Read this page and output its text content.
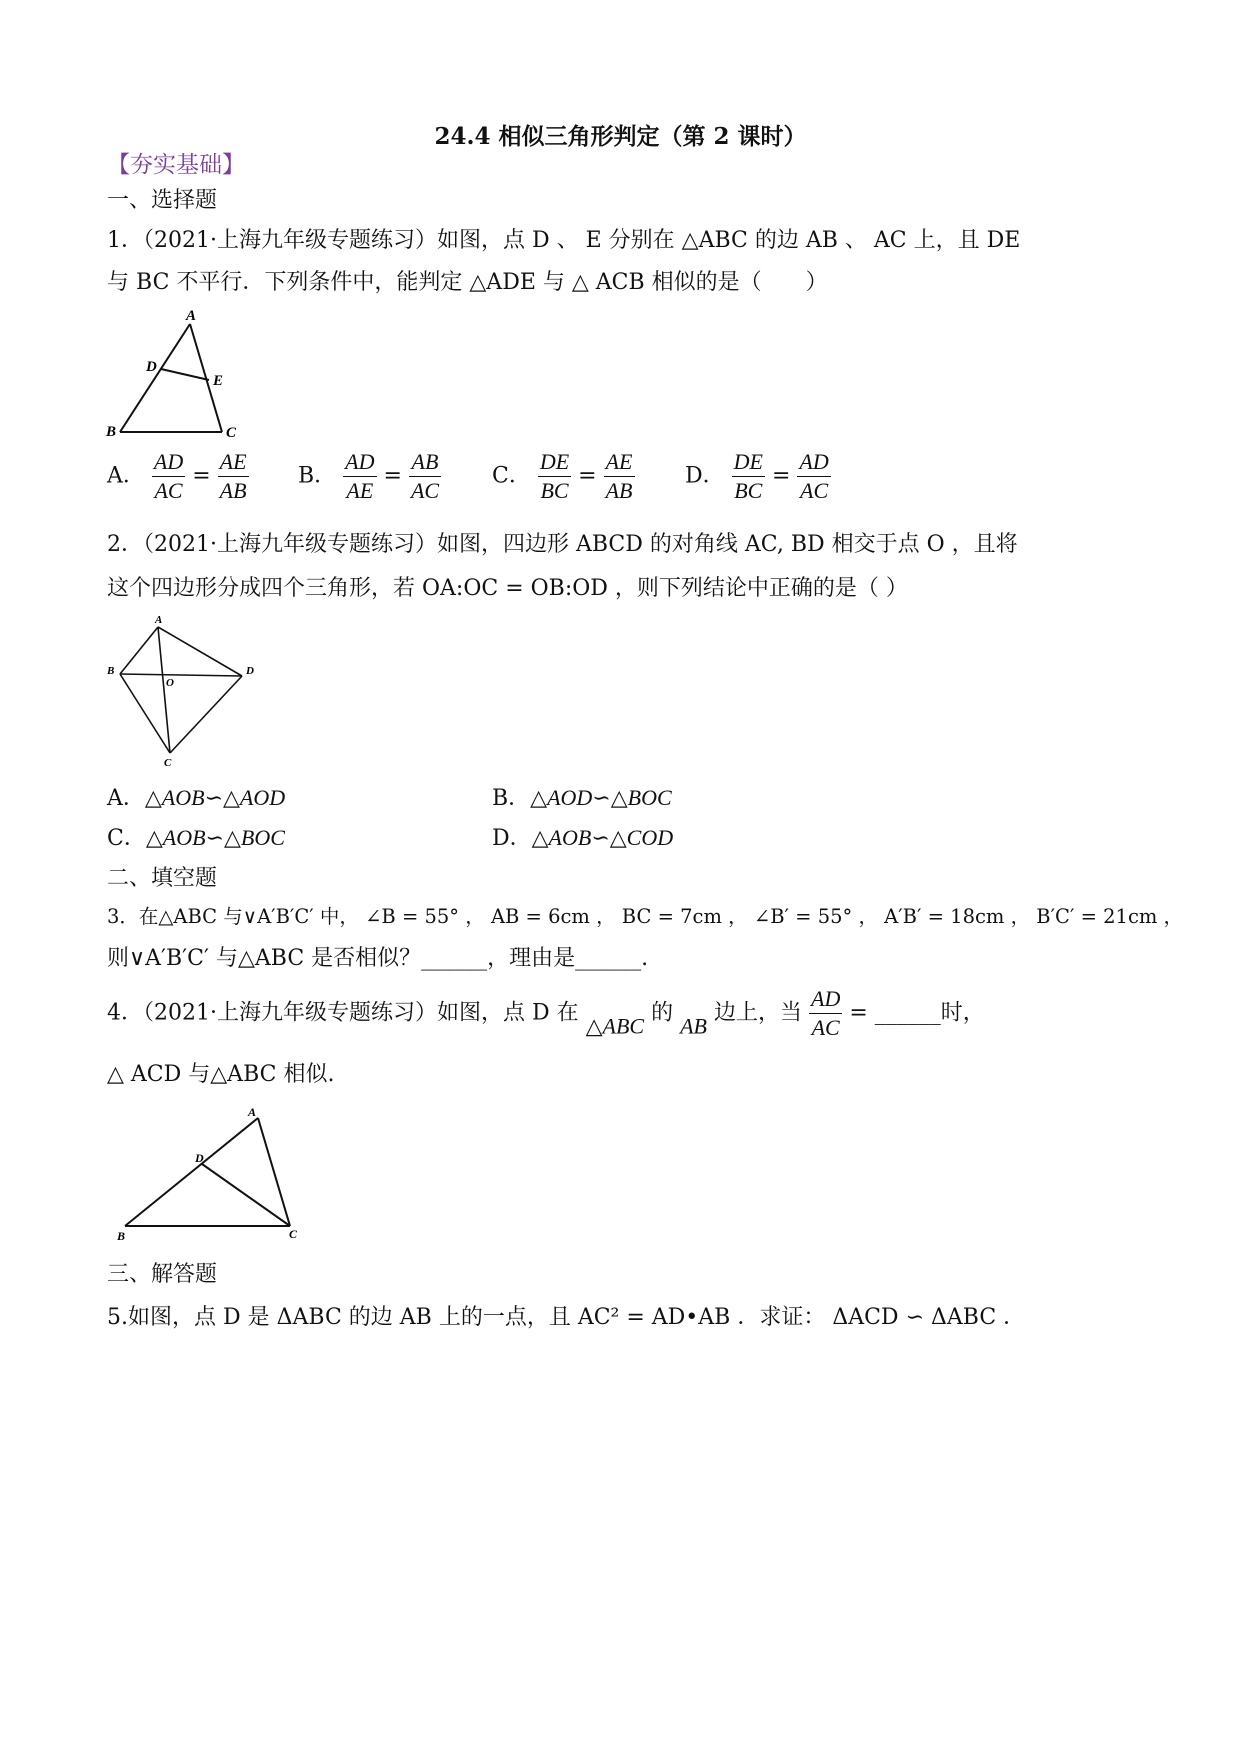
24.4 相似三角形判定（第 2 课时）
【夯实基础】
一、选择题
1．（2021·上海九年级专题练习）如图，点 D 、 E 分别在 △ABC 的边 AB 、 AC 上，且 DE
与 BC 不平行．下列条件中，能判定 △ADE 与 △ ACB 相似的是（　　）
A
D
E
B	C
A． $\frac{AD}{AC} = \frac{AE}{AB}$ B． $\frac{AD}{AE} = \frac{AB}{AC}$ C． $\frac{DE}{BC} = \frac{AE}{AB}$ D． $\frac{DE}{BC} = \frac{AD}{AC}$
2．（2021·上海九年级专题练习）如图，四边形 ABCD 的对角线 AC, BD 相交于点 O ，且将
这个四边形分成四个三角形，若 OA:OC = OB:OD ，则下列结论中正确的是（ ）
A
B
O
D
C
A．△AOB∽△AOD	B．△AOD∽△BOC
C．△AOB∽△BOC	D．△AOB∽△COD
二、填空题
3．在△ABC 与∨A′B′C′ 中， ∠B = 55° ， AB = 6cm ， BC = 7cm ， ∠B′ = 55° ， A′B′ = 18cm ， B′C′ = 21cm ，
则∨A′B′C′ 与△ABC 是否相似？______，理由是______.
4．（2021·上海九年级专题练习）如图，点 D 在 △ABC 的 AB 边上，当 $\frac{AD}{AC}$ = ______时，
△ ACD 与△ABC 相似.
A
D
B	C
三、解答题
5.如图，点 D 是 ΔABC 的边 AB 上的一点，且 AC² = AD•AB ．求证： ΔACD ∽ ΔABC ．
